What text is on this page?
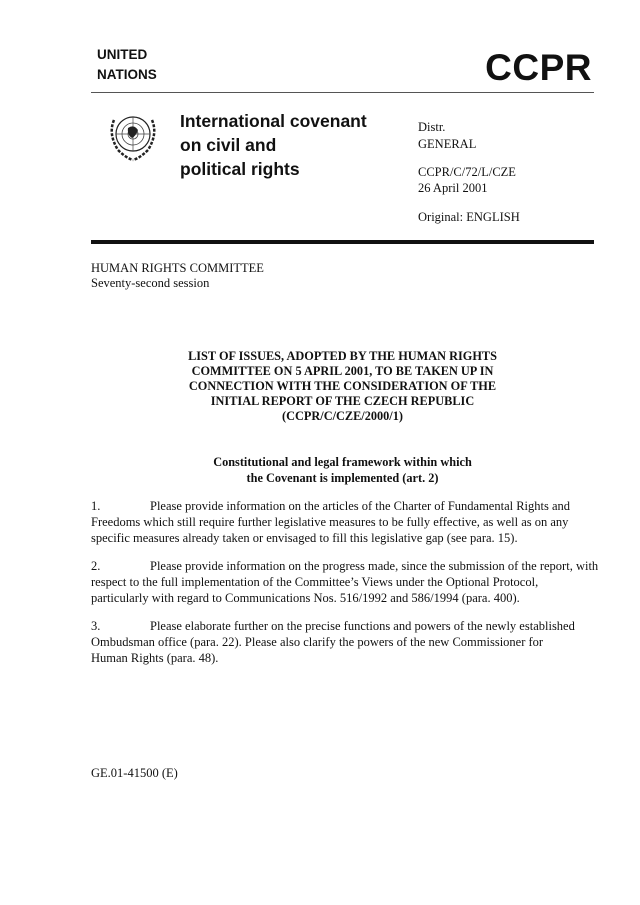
UNITED
NATIONS	CCPR
International covenant
on civil and
political rights
Distr.
GENERAL
CCPR/C/72/L/CZE
26 April 2001
Original: ENGLISH
HUMAN RIGHTS COMMITTEE
Seventy-second session
LIST OF ISSUES, ADOPTED BY THE HUMAN RIGHTS
COMMITTEE ON 5 APRIL 2001, TO BE TAKEN UP IN
CONNECTION WITH THE CONSIDERATION OF THE
INITIAL REPORT OF THE CZECH REPUBLIC
(CCPR/C/CZE/2000/1)
Constitutional and legal framework within which
the Covenant is implemented (art. 2)
1.	Please provide information on the articles of the Charter of Fundamental Rights and
Freedoms which still require further legislative measures to be fully effective, as well as on any
specific measures already taken or envisaged to fill this legislative gap (see para. 15).
2.	Please provide information on the progress made, since the submission of the report, with
respect to the full implementation of the Committee’s Views under the Optional Protocol,
particularly with regard to Communications Nos. 516/1992 and 586/1994 (para. 400).
3.	Please elaborate further on the precise functions and powers of the newly established
Ombudsman office (para. 22). Please also clarify the powers of the new Commissioner for
Human Rights (para. 48).
GE.01-41500 (E)
